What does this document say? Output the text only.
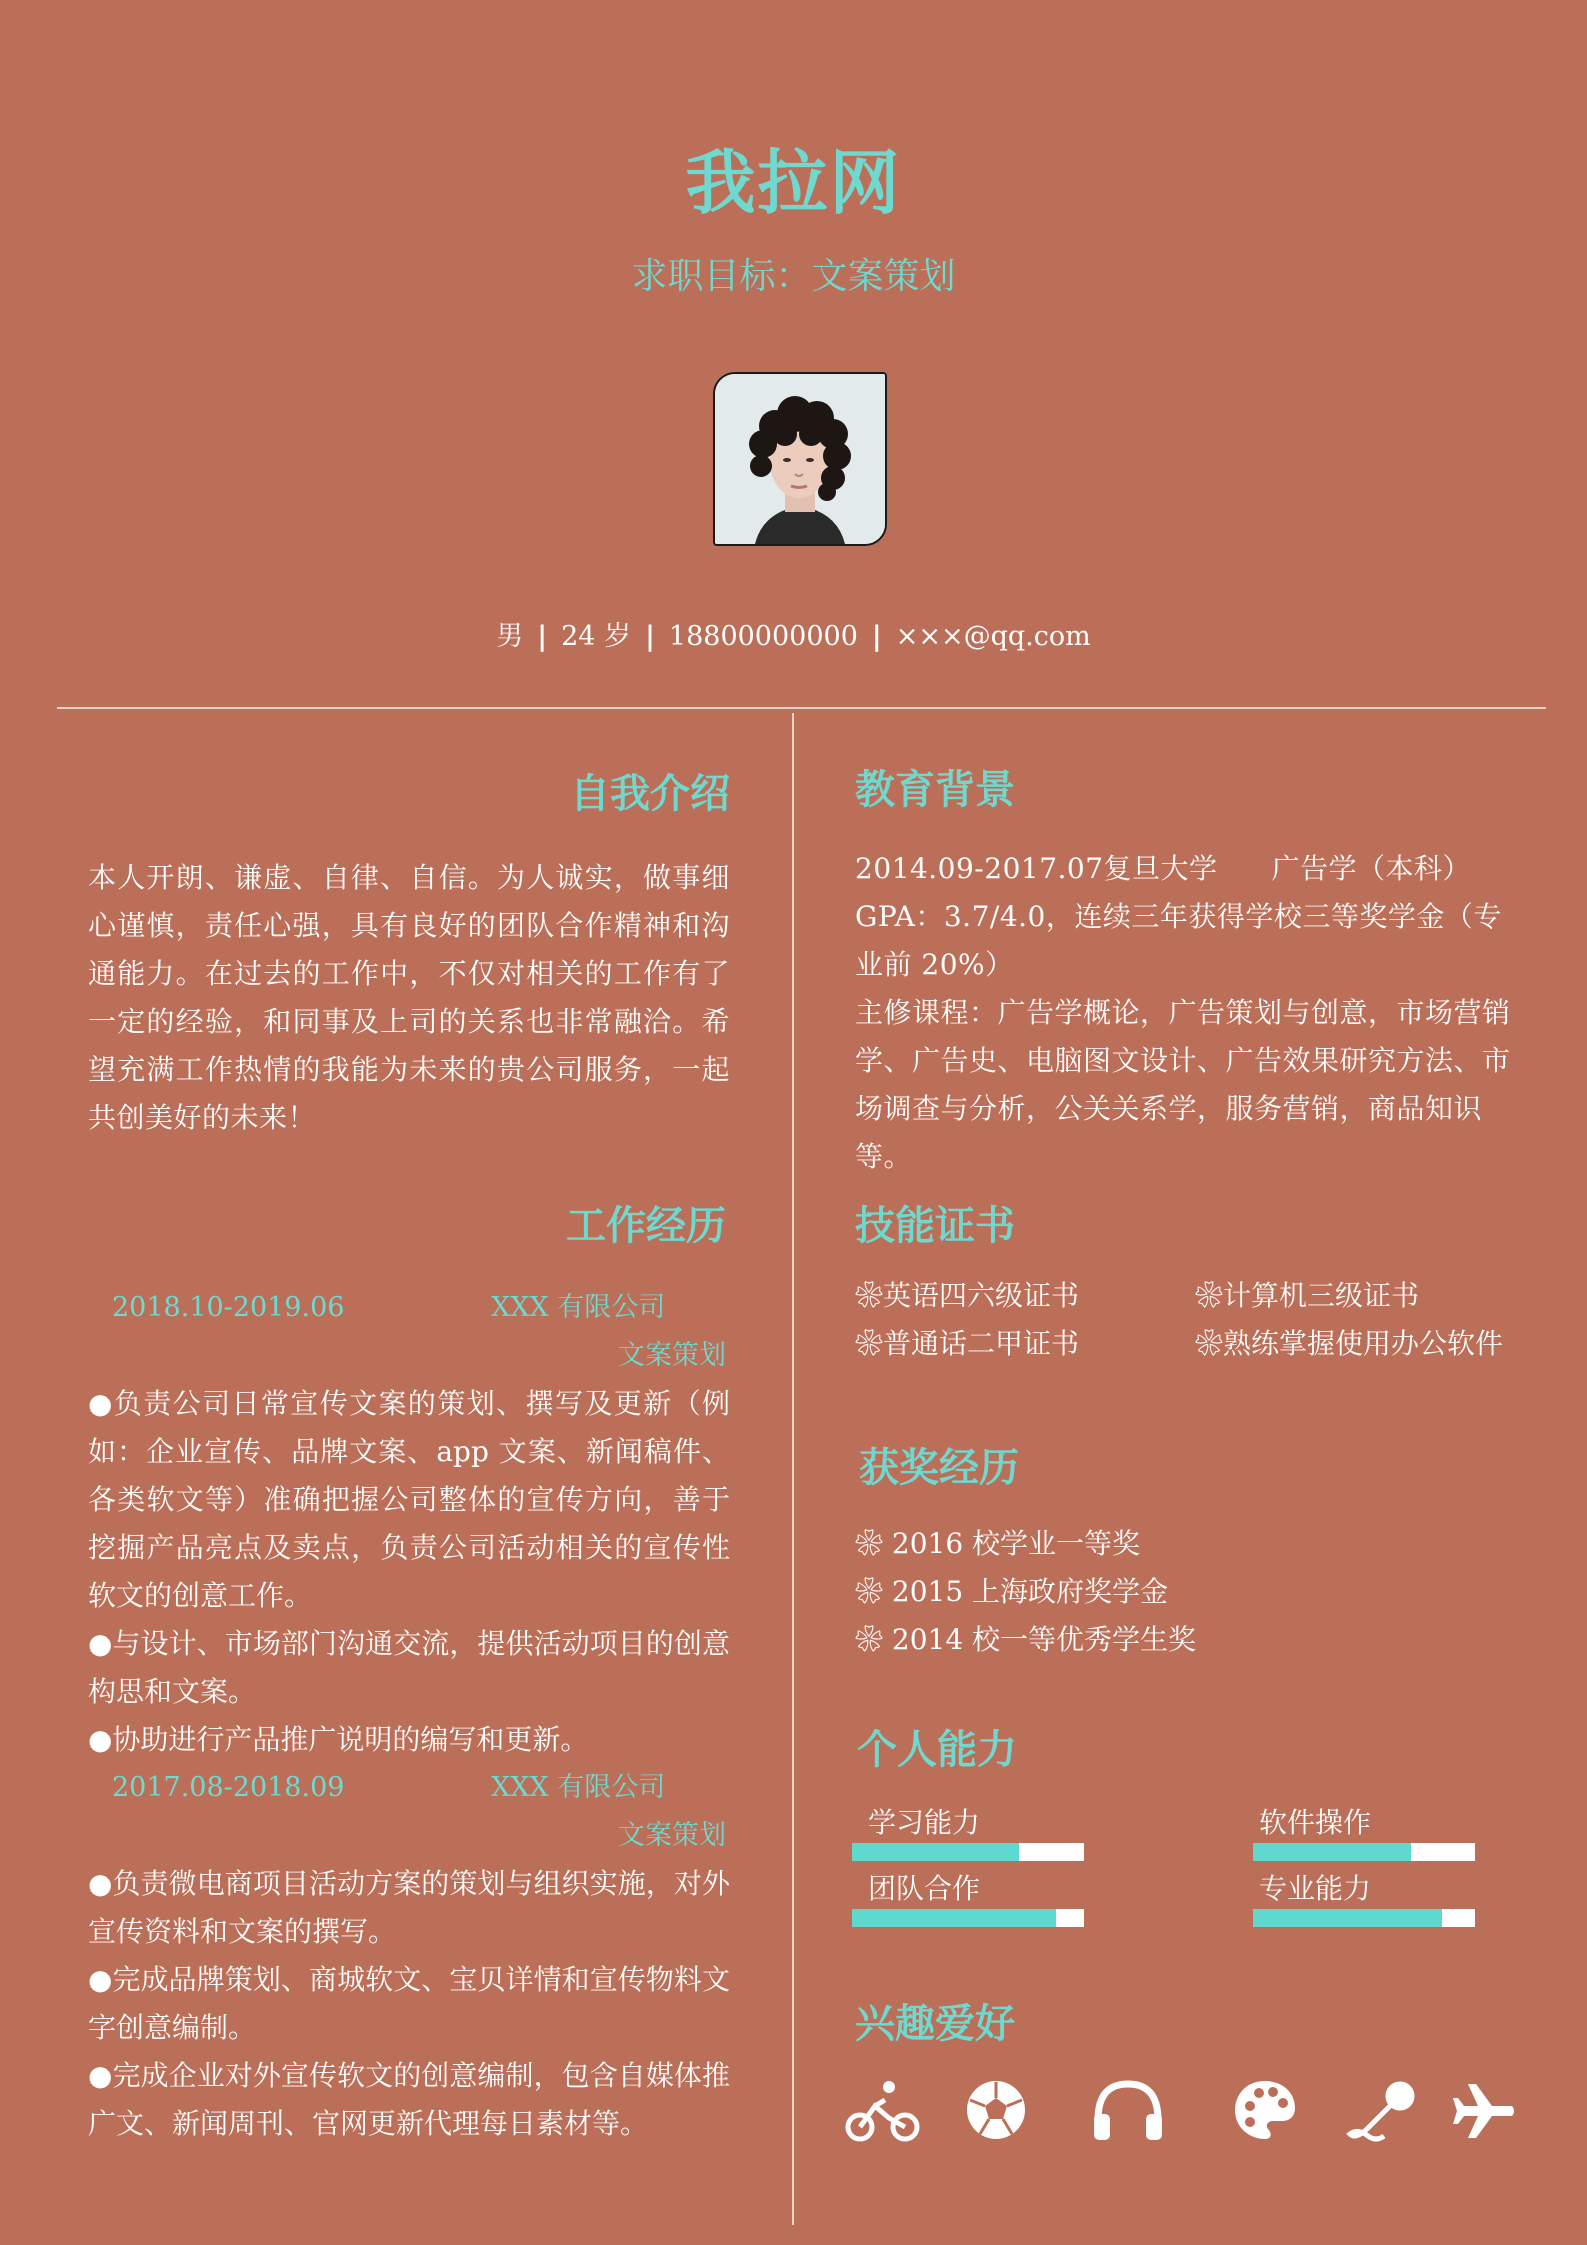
我拉网
求职目标：文案策划
男 | 24 岁 | 18800000000 | ×××@qq.com
自我介绍
本人开朗、谦虚、自律、自信。为人诚实，做事细心谨慎，责任心强，具有良好的团队合作精神和沟通能力。在过去的工作中，不仅对相关的工作有了一定的经验，和同事及上司的关系也非常融洽。希望充满工作热情的我能为未来的贵公司服务，一起共创美好的未来！
工作经历
2018.10-2019.06	XXX 有限公司
文案策划
●负责公司日常宣传文案的策划、撰写及更新（例如：企业宣传、品牌文案、app 文案、新闻稿件、各类软文等）准确把握公司整体的宣传方向，善于挖掘产品亮点及卖点，负责公司活动相关的宣传性软文的创意工作。
●与设计、市场部门沟通交流，提供活动项目的创意构思和文案。
●协助进行产品推广说明的编写和更新。
2017.08-2018.09	XXX 有限公司
文案策划
●负责微电商项目活动方案的策划与组织实施，对外宣传资料和文案的撰写。
●完成品牌策划、商城软文、宝贝详情和宣传物料文字创意编制。
●完成企业对外宣传软文的创意编制，包含自媒体推广文、新闻周刊、官网更新代理每日素材等。
教育背景
2014.09-2017.07复旦大学 广告学（本科）
GPA：3.7/4.0，连续三年获得学校三等奖学金（专业前 20%）
主修课程：广告学概论，广告策划与创意，市场营销学、广告史、电脑图文设计、广告效果研究方法、市场调查与分析，公关关系学，服务营销，商品知识等。
技能证书
❀英语四六级证书	❀计算机三级证书
❀普通话二甲证书	❀熟练掌握使用办公软件
获奖经历
❀ 2016 校学业一等奖
❀ 2015 上海政府奖学金
❀ 2014 校一等优秀学生奖
个人能力
学习能力	软件操作
团队合作	专业能力
兴趣爱好
